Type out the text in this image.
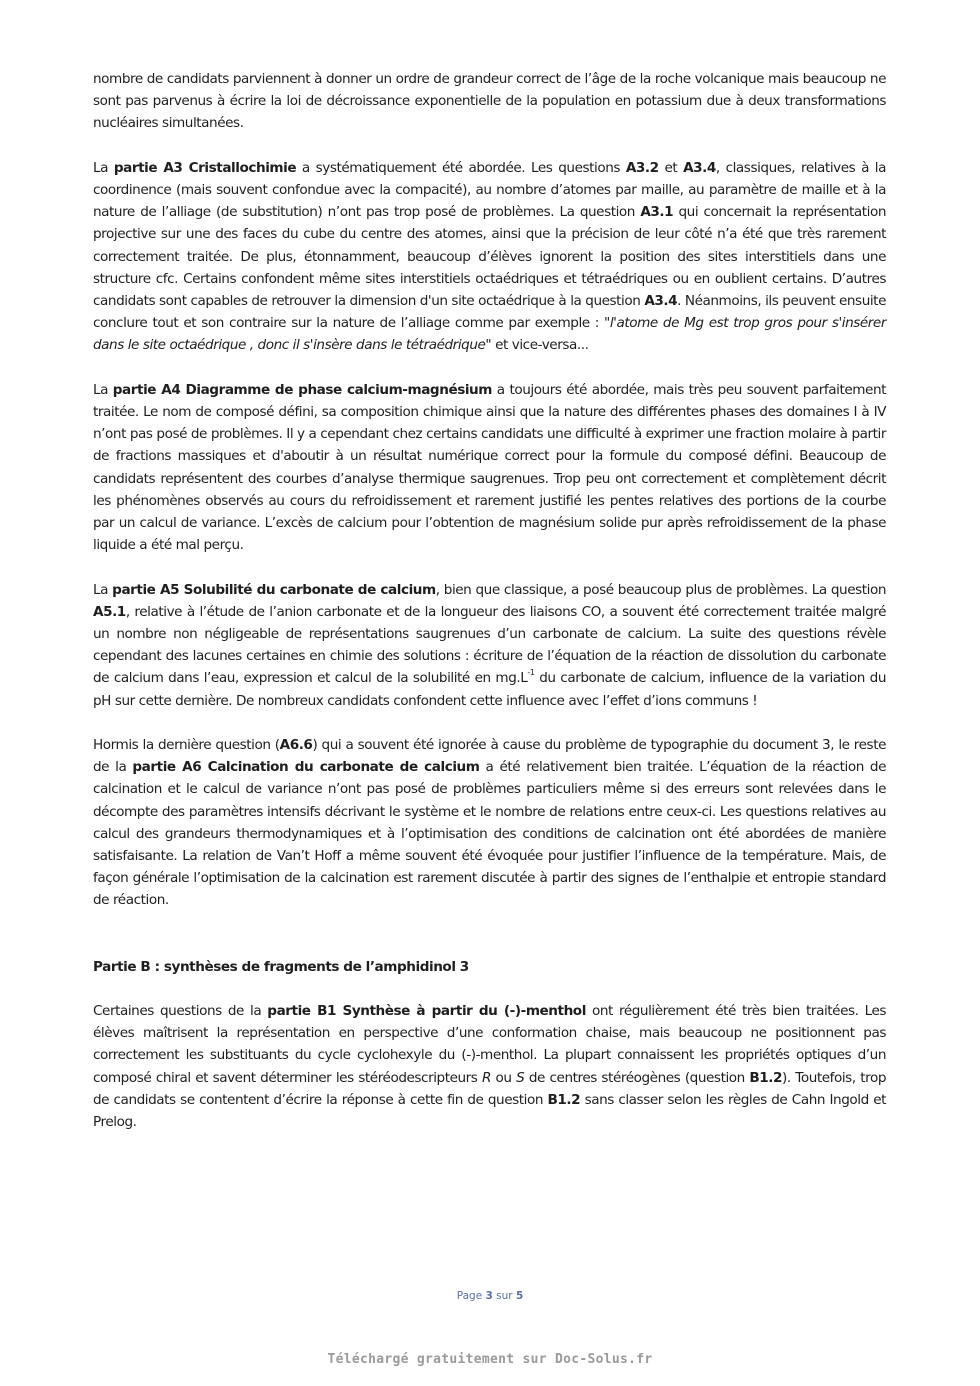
nombre de candidats parviennent à donner un ordre de grandeur correct de l’âge de la roche volcanique mais beaucoup ne sont pas parvenus à écrire la loi de décroissance exponentielle de la population en potassium due à deux transformations nucléaires simultanées.

La partie A3 Cristallochimie a systématiquement été abordée. Les questions A3.2 et A3.4, classiques, relatives à la coordinence (mais souvent confondue avec la compacité), au nombre d’atomes par maille, au paramètre de maille et à la nature de l’alliage (de substitution) n’ont pas trop posé de problèmes. La question A3.1 qui concernait la représentation projective sur une des faces du cube du centre des atomes, ainsi que la précision de leur côté n’a été que très rarement correctement traitée. De plus, étonnamment, beaucoup d’élèves ignorent la position des sites interstitiels dans une structure cfc. Certains confondent même sites interstitiels octaédriques et tétraédriques ou en oublient certains. D’autres candidats sont capables de retrouver la dimension d'un site octaédrique à la question A3.4. Néanmoins, ils peuvent ensuite conclure tout et son contraire sur la nature de l’alliage comme par exemple : "l'atome de Mg est trop gros pour s'insérer dans le site octaédrique , donc il s'insère dans le tétraédrique" et vice-versa...

La partie A4 Diagramme de phase calcium-magnésium a toujours été abordée, mais très peu souvent parfaitement traitée. Le nom de composé défini, sa composition chimique ainsi que la nature des différentes phases des domaines I à IV n’ont pas posé de problèmes. Il y a cependant chez certains candidats une difficulté à exprimer une fraction molaire à partir de fractions massiques et d'aboutir à un résultat numérique correct pour la formule du composé défini. Beaucoup de candidats représentent des courbes d’analyse thermique saugrenues. Trop peu ont correctement et complètement décrit les phénomènes observés au cours du refroidissement et rarement justifié les pentes relatives des portions de la courbe par un calcul de variance. L’excès de calcium pour l’obtention de magnésium solide pur après refroidissement de la phase liquide a été mal perçu.

La partie A5 Solubilité du carbonate de calcium, bien que classique, a posé beaucoup plus de problèmes. La question A5.1, relative à l’étude de l’anion carbonate et de la longueur des liaisons CO, a souvent été correctement traitée malgré un nombre non négligeable de représentations saugrenues d’un carbonate de calcium. La suite des questions révèle cependant des lacunes certaines en chimie des solutions : écriture de l’équation de la réaction de dissolution du carbonate de calcium dans l’eau, expression et calcul de la solubilité en $mg.L^{-1}$ du carbonate de calcium, influence de la variation du pH sur cette dernière. De nombreux candidats confondent cette influence avec l’effet d’ions communs !

Hormis la dernière question (A6.6) qui a souvent été ignorée à cause du problème de typographie du document 3, le reste de la partie A6 Calcination du carbonate de calcium a été relativement bien traitée. L’équation de la réaction de calcination et le calcul de variance n’ont pas posé de problèmes particuliers même si des erreurs sont relevées dans le décompte des paramètres intensifs décrivant le système et le nombre de relations entre ceux-ci. Les questions relatives au calcul des grandeurs thermodynamiques et à l’optimisation des conditions de calcination ont été abordées de manière satisfaisante. La relation de Van’t Hoff a même souvent été évoquée pour justifier l’influence de la température. Mais, de façon générale l’optimisation de la calcination est rarement discutée à partir des signes de l’enthalpie et entropie standard de réaction.

Partie B : synthèses de fragments de l’amphidinol 3

Certaines questions de la partie B1 Synthèse à partir du (-)-menthol ont régulièrement été très bien traitées. Les élèves maîtrisent la représentation en perspective d’une conformation chaise, mais beaucoup ne positionnent pas correctement les substituants du cycle cyclohexyle du (-)-menthol. La plupart connaissent les propriétés optiques d’un composé chiral et savent déterminer les stéréodescripteurs R ou S de centres stéréogènes (question B1.2). Toutefois, trop de candidats se contentent d’écrire la réponse à cette fin de question B1.2 sans classer selon les règles de Cahn Ingold et Prelog.

Page 3 sur 5
Téléchargé gratuitement sur Doc-Solus.fr
